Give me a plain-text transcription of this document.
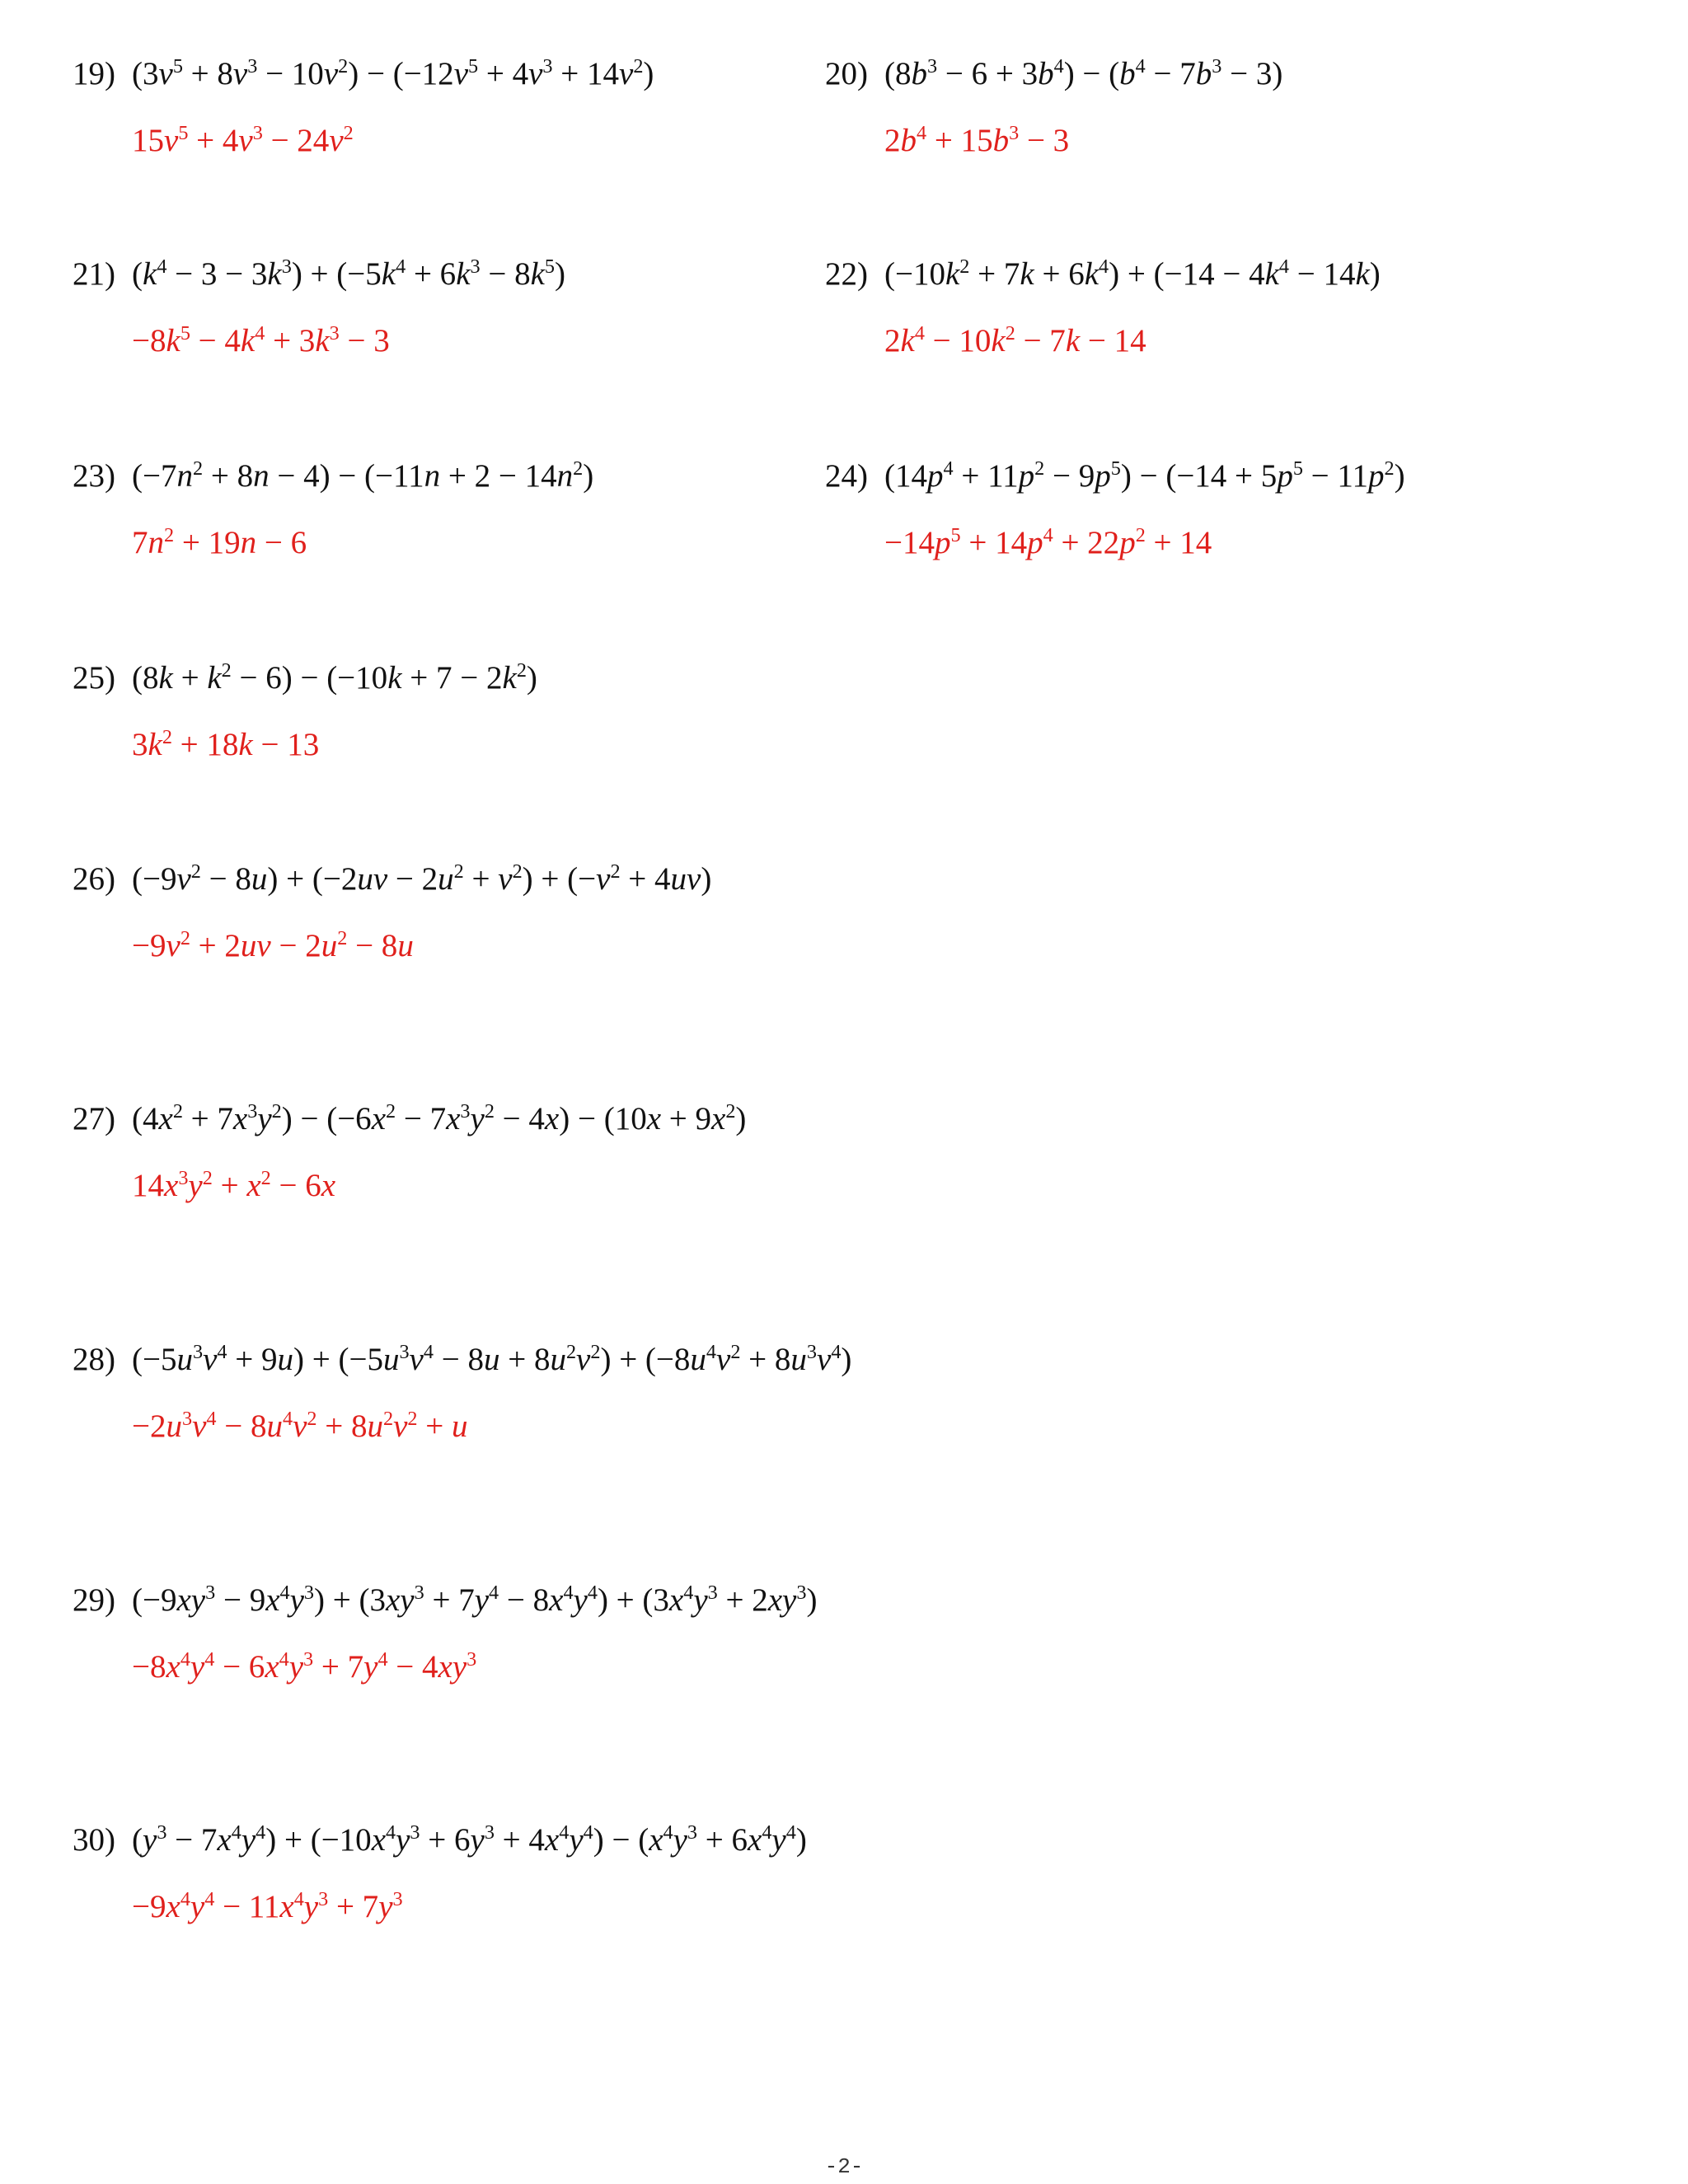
19) $(3v^5 + 8v^3 - 10v^2) - (-12v^5 + 4v^3 + 14v^2)$
$15v^5 + 4v^3 - 24v^2$
20) $(8b^3 - 6 + 3b^4) - (b^4 - 7b^3 - 3)$
$2b^4 + 15b^3 - 3$
21) $(k^4 - 3 - 3k^3) + (-5k^4 + 6k^3 - 8k^5)$
$-8k^5 - 4k^4 + 3k^3 - 3$
22) $(-10k^2 + 7k + 6k^4) + (-14 - 4k^4 - 14k)$
$2k^4 - 10k^2 - 7k - 14$
23) $(-7n^2 + 8n - 4) - (-11n + 2 - 14n^2)$
$7n^2 + 19n - 6$
24) $(14p^4 + 11p^2 - 9p^5) - (-14 + 5p^5 - 11p^2)$
$-14p^5 + 14p^4 + 22p^2 + 14$
25) $(8k + k^2 - 6) - (-10k + 7 - 2k^2)$
$3k^2 + 18k - 13$
26) $(-9v^2 - 8u) + (-2uv - 2u^2 + v^2) + (-v^2 + 4uv)$
$-9v^2 + 2uv - 2u^2 - 8u$
27) $(4x^2 + 7x^3y^2) - (-6x^2 - 7x^3y^2 - 4x) - (10x + 9x^2)$
$14x^3y^2 + x^2 - 6x$
28) $(-5u^3v^4 + 9u) + (-5u^3v^4 - 8u + 8u^2v^2) + (-8u^4v^2 + 8u^3v^4)$
$-2u^3v^4 - 8u^4v^2 + 8u^2v^2 + u$
29) $(-9xy^3 - 9x^4y^3) + (3xy^3 + 7y^4 - 8x^4y^4) + (3x^4y^3 + 2xy^3)$
$-8x^4y^4 - 6x^4y^3 + 7y^4 - 4xy^3$
30) $(y^3 - 7x^4y^4) + (-10x^4y^3 + 6y^3 + 4x^4y^4) - (x^4y^3 + 6x^4y^4)$
$-9x^4y^4 - 11x^4y^3 + 7y^3$
-2-
